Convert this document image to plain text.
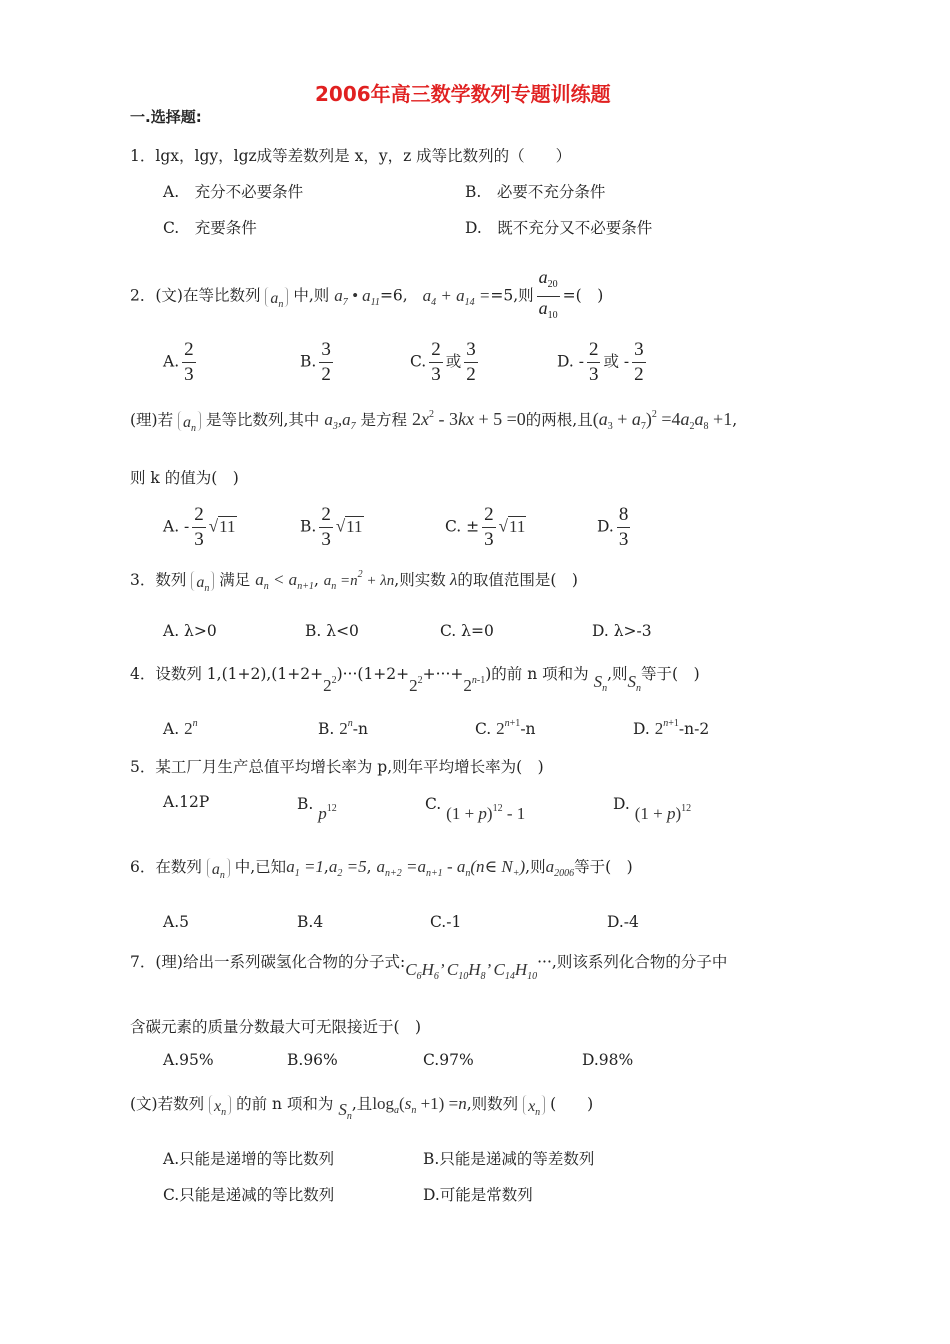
2006年高三数学数列专题训练题
一.选择题:
1．lgx，lgy，lgz成等差数列是 x，y，z 成等比数列的（　　）
A.　充分不必要条件	B.　必要不充分条件
C.　充要条件	D.　既不充分又不必要条件
2．(文)在等比数列 $a_n$ 中,则 $a_7$ • $a_{11}=6$, $a_4 + a_{14} ==5$,则 $\frac{a_{20}}{a_{10}}$ =(　)
A. $\frac{2}{3}$	B. $\frac{3}{2}$	C. $\frac{2}{3}$ 或 $\frac{3}{2}$	D. - $\frac{2}{3}$ 或 - $\frac{3}{2}$
(理)若 $a_n$ 是等比数列,其中 $a_3,a_7$ 是方程 $2x^2 - 3kx + 5 =0$的两根,且$(a_3 + a_7)^2 =4a_2a_8 +1$,
则 k 的值为(　)
A. - $\frac{2}{3} √11$	B. $\frac{2}{3} √11$	C. ± $\frac{2}{3} √11$	D. $\frac{8}{3}$
3．数列 $a_n$ 满足 $a_n < a_{n+1}$, $a_n =n^2 + \lambda n$,则实数 λ的取值范围是(　)
A. λ>0	B. λ<0	C. λ=0	D. λ>-3
4．设数列 $1,(1+2),(1+2+2^2)\cdot\cdot\cdot(1+2+2^2+\cdot\cdot\cdot+2^{n-1})$的前 n 项和为 $S_n$,则$S_n$等于(　)
A. 2$^n$	B. 2$^n$-n	C. $2^{n+1}-n$	D. $2^{n+1}-n-2$
5．某工厂月生产总值平均增长率为 p,则年平均增长率为(　)
A.12P	B. $p^{12}$	C. $(1 + p)^{12} - 1$	D. $(1 + p)^{12}$
6．在数列 $a_n$ 中,已知$a_1 =1,a_2 =5$, $a_{n+2} =a_{n+1}$ - $a_n(n\in$ $N_+$),则$a_{2006}$等于(　)
A.5	B.4	C.-1	D.-4
7．(理)给出一系列碳氢化合物的分子式$:C_6H_6$’ $C_{10}H_8$’ $C_{14}H_{10}\cdot\cdot\cdot$,则该系列化合物的分子中
含碳元素的质量分数最大可无限接近于(　)
A.95%	B.96%	C.97%	D.98%
(文)若数列 $x_n$ 的前 n 项和为 $S_n$,且$\log_a(s_n +1) =n$,则数列 $x_n$ (　　)
A.只能是递增的等比数列	B.只能是递减的等差数列
C.只能是递减的等比数列	D.可能是常数列
